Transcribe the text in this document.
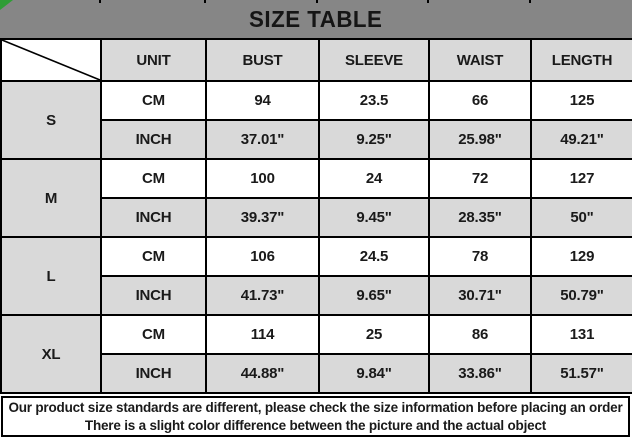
SIZE TABLE
	UNIT	BUST	SLEEVE	WAIST	LENGTH
S	CM	94	23.5	66	125
	INCH	37.01"	9.25"	25.98"	49.21"
M	CM	100	24	72	127
	INCH	39.37"	9.45"	28.35"	50"
L	CM	106	24.5	78	129
	INCH	41.73"	9.65"	30.71"	50.79"
XL	CM	114	25	86	131
	INCH	44.88"	9.84"	33.86"	51.57"
Our product size standards are different, please check the size information before placing an order
There is a slight color difference between the picture and the actual object
